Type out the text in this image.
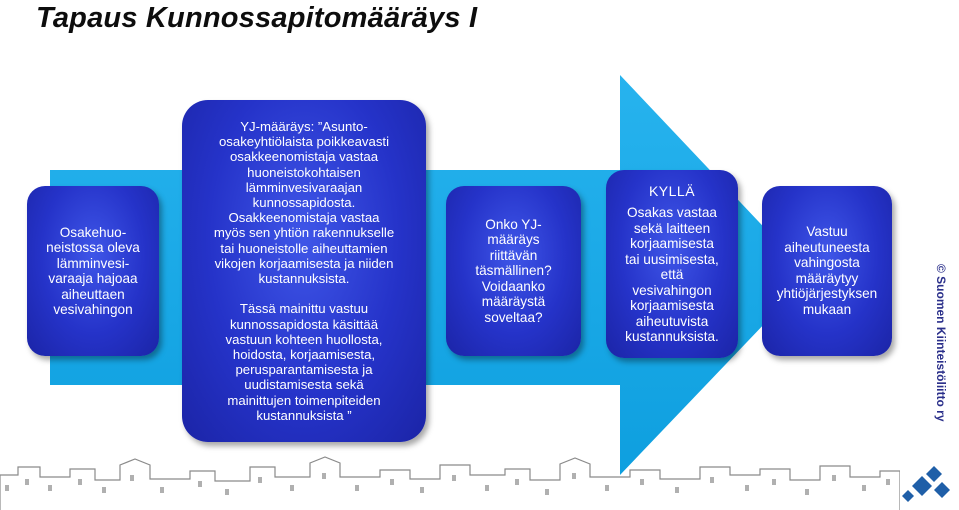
Tapaus Kunnossapitomääräys I

Osakehuo-

neistossa oleva

lämminvesi-

varaaja hajoaa

aiheuttaen

vesivahingon

YJ-määräys: ”Asunto-

osakeyhtiölaista poikkeavasti

osakkeenomistaja vastaa

huoneistokohtaisen

lämminvesivaraajan

kunnossapidosta.

Osakkeenomistaja vastaa

myös sen yhtiön rakennukselle

tai huoneistolle aiheuttamien

vikojen korjaamisesta ja niiden

kustannuksista.

Tässä mainittu vastuu

kunnossapidosta käsittää

vastuun kohteen huollosta,

hoidosta, korjaamisesta,

perusparantamisesta ja

uudistamisesta sekä

mainittujen toimenpiteiden

kustannuksista ”

Onko YJ-

määräys

riittävän

täsmällinen?

Voidaanko

määräystä

soveltaa?

KYLLÄ

Osakas vastaa

sekä laitteen

korjaamisesta

tai uusimisesta,

että

vesivahingon

korjaamisesta

aiheutuvista

kustannuksista.

Vastuu

aiheutuneesta

vahingosta

määräytyy

yhtiöjärjestyksen

mukaan	© Suomen Kiinteistöliitto ry
